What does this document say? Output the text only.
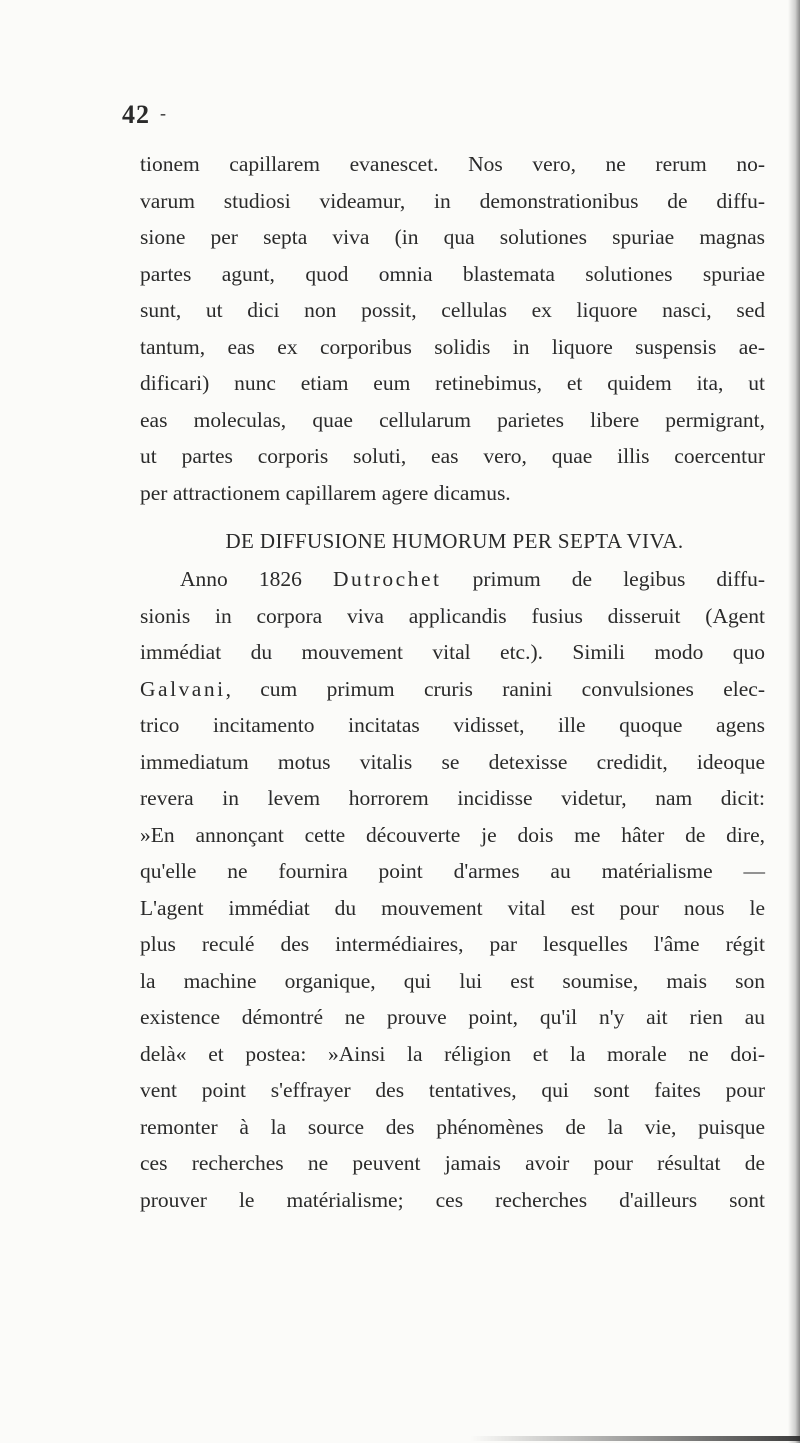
42 -
tionem capillarem evanescet. Nos vero, ne rerum no-
varum studiosi videamur, in demonstrationibus de diffu-
sione per septa viva (in qua solutiones spuriae magnas
partes agunt, quod omnia blastemata solutiones spuriae
sunt, ut dici non possit, cellulas ex liquore nasci, sed
tantum, eas ex corporibus solidis in liquore suspensis ae-
dificari) nunc etiam eum retinebimus, et quidem ita, ut
eas moleculas, quae cellularum parietes libere permigrant,
ut partes corporis soluti, eas vero, quae illis coercentur
per attractionem capillarem agere dicamus.
DE DIFFUSIONE HUMORUM PER SEPTA VIVA.
Anno 1826 Dutrochet primum de legibus diffu-
sionis in corpora viva applicandis fusius disseruit (Agent
immédiat du mouvement vital etc.). Simili modo quo
Galvani, cum primum cruris ranini convulsiones elec-
trico incitamento incitatas vidisset, ille quoque agens
immediatum motus vitalis se detexisse credidit, ideoque
revera in levem horrorem incidisse videtur, nam dicit:
»En annonçant cette découverte je dois me hâter de dire,
qu'elle ne fournira point d'armes au matérialisme —
L'agent immédiat du mouvement vital est pour nous le
plus reculé des intermédiaires, par lesquelles l'âme régit
la machine organique, qui lui est soumise, mais son
existence démontré ne prouve point, qu'il n'y ait rien au
delà« et postea: »Ainsi la réligion et la morale ne doi-
vent point s'effrayer des tentatives, qui sont faites pour
remonter à la source des phénomènes de la vie, puisque
ces recherches ne peuvent jamais avoir pour résultat de
prouver le matérialisme; ces recherches d'ailleurs sont
